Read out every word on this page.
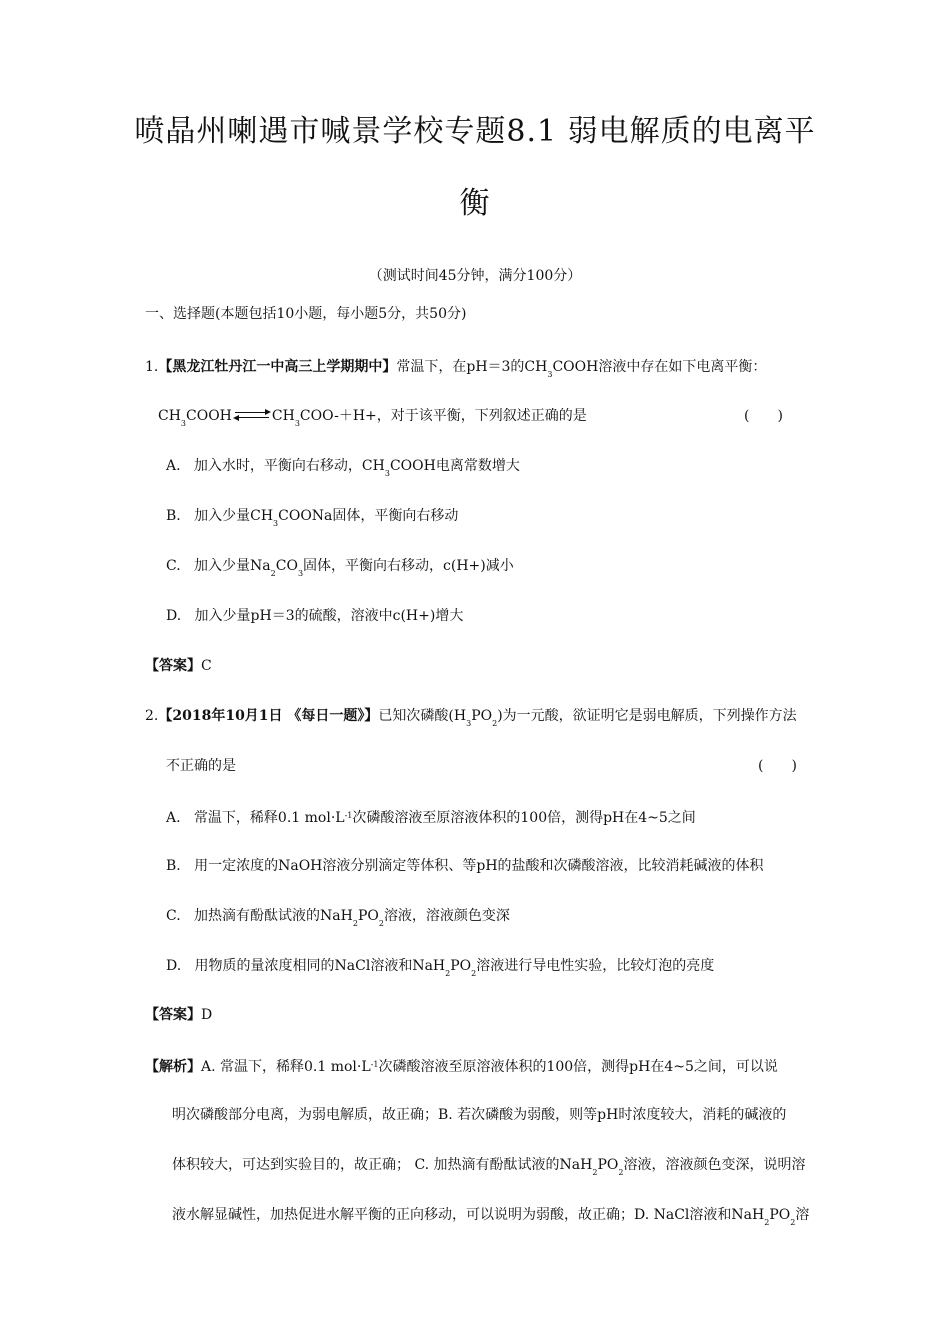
喷晶州喇遇市喊景学校专题8.1 弱电解质的电离平
衡
（测试时间45分钟，满分100分）
一、选择题(本题包括10小题，每小题5分，共50分)
1.【黑龙江牡丹江一中高三上学期期中】常温下，在pH＝3的$CH_3COOH$溶液中存在如下电离平衡：
$CH_3COOH$	$CH_3COO-+H+$，对于该平衡，下列叙述正确的是	(　　)
A. 加入水时，平衡向右移动，$CH_3COOH$电离常数增大
B. 加入少量$CH_3COONa$固体，平衡向右移动
C. 加入少量$Na_2CO_3$固体，平衡向右移动，c(H+)减小
D. 加入少量pH＝3的硫酸，溶液中c(H+)增大
【答案】C
2.【2018年10月1日 《每日一题》】已知次磷酸$(H_3PO_2)$为一元酸，欲证明它是弱电解质，下列操作方法
不正确的是	(　　)
A. 常温下，稀释0.1 $mol\cdot L^{-1}$次磷酸溶液至原溶液体积的100倍，测得pH在4~5之间
B. 用一定浓度的NaOH溶液分别滴定等体积、等pH的盐酸和次磷酸溶液，比较消耗碱液的体积
C. 加热滴有酚酞试液的$NaH_2PO_2$溶液，溶液颜色变深
D. 用物质的量浓度相同的NaCl溶液和$NaH_2PO_2$溶液进行导电性实验，比较灯泡的亮度
【答案】D
【解析】A. 常温下，稀释0.1 $mol\cdot L^{-1}$次磷酸溶液至原溶液体积的100倍，测得pH在4~5之间，可以说
明次磷酸部分电离，为弱电解质，故正确；B. 若次磷酸为弱酸，则等pH时浓度较大，消耗的碱液的
体积较大，可达到实验目的，故正确； C. 加热滴有酚酞试液的$NaH_2PO_2$溶液，溶液颜色变深，说明溶
液水解显碱性，加热促进水解平衡的正向移动，可以说明为弱酸，故正确；D. NaCl溶液和$NaH_2PO_2$溶
